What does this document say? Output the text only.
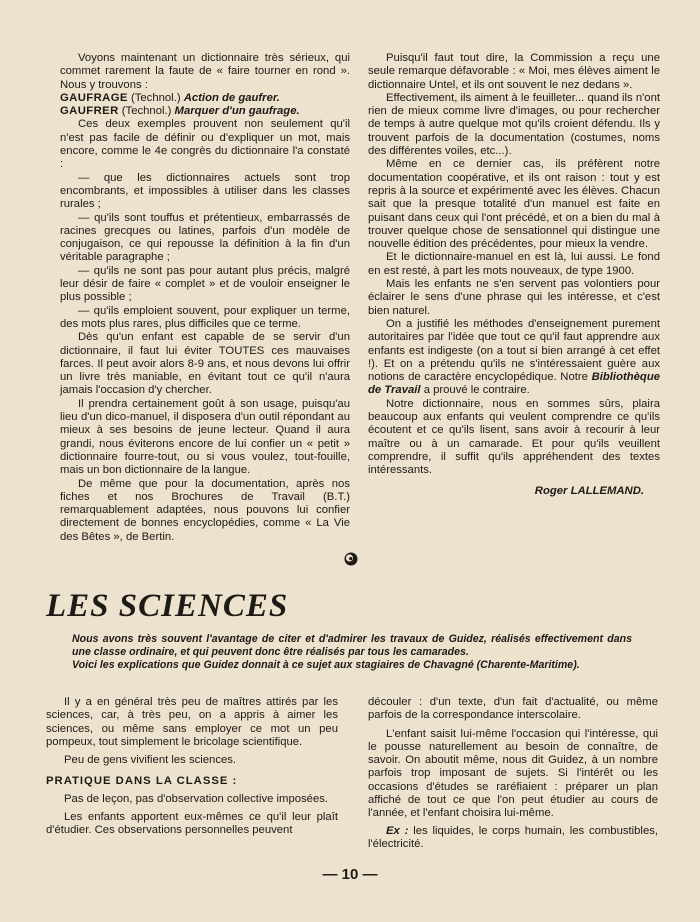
Voyons maintenant un dictionnaire très sérieux, qui commet rarement la faute de « faire tourner en rond ». Nous y trouvons :

GAUFRAGE (Technol.) Action de gaufrer.

GAUFRER (Technol.) Marquer d'un gaufrage.

Ces deux exemples prouvent non seulement qu'il n'est pas facile de définir ou d'expliquer un mot, mais encore, comme le 4e congrès du dictionnaire l'a constaté :

— que les dictionnaires actuels sont trop encombrants, et impossibles à utiliser dans les classes rurales ;

— qu'ils sont touffus et prétentieux, embarrassés de racines grecques ou latines, parfois d'un modèle de conjugaison, ce qui repousse la définition à la fin d'un véritable paragraphe ;

— qu'ils ne sont pas pour autant plus précis, malgré leur désir de faire « complet » et de vouloir enseigner le plus possible ;

— qu'ils emploient souvent, pour expliquer un terme, des mots plus rares, plus difficiles que ce terme.

Dès qu'un enfant est capable de se servir d'un dictionnaire, il faut lui éviter TOUTES ces mauvaises farces. Il peut avoir alors 8-9 ans, et nous devons lui offrir un livre très maniable, en évitant tout ce qu'il n'aura jamais l'occasion d'y chercher.

Il prendra certainement goût à son usage, puisqu'au lieu d'un dico-manuel, il disposera d'un outil répondant au mieux à ses besoins de jeune lecteur. Quand il aura grandi, nous éviterons encore de lui confier un « petit » dictionnaire fourre-tout, ou si vous voulez, tout-fouille, mais un bon dictionnaire de la langue.

De même que pour la documentation, après nos fiches et nos Brochures de Travail (B.T.) remarquablement adaptées, nous pouvons lui confier directement de bonnes encyclopédies, comme « La Vie des Bêtes », de Bertin.

Puisqu'il faut tout dire, la Commission a reçu une seule remarque défavorable : « Moi, mes élèves aiment le dictionnaire Untel, et ils ont souvent le nez dedans ».

Effectivement, ils aiment à le feuilleter... quand ils n'ont rien de mieux comme livre d'images, ou pour rechercher de temps à autre quelque mot qu'ils croient défendu. Ils y trouvent parfois de la documentation (costumes, noms des différentes voiles, etc...).

Même en ce dernier cas, ils préfèrent notre documentation coopérative, et ils ont raison : tout y est repris à la source et expérimenté avec les élèves. Chacun sait que la presque totalité d'un manuel est faite en puisant dans ceux qui l'ont précédé, et on a bien du mal à trouver quelque chose de sensationnel qui distingue une nouvelle édition des précédentes, pour mieux la vendre.

Et le dictionnaire-manuel en est là, lui aussi. Le fond en est resté, à part les mots nouveaux, de type 1900.

Mais les enfants ne s'en servent pas volontiers pour éclairer le sens d'une phrase qui les intéresse, et c'est bien naturel.

On a justifié les méthodes d'enseignement purement autoritaires par l'idée que tout ce qu'il faut apprendre aux enfants est indigeste (on a tout si bien arrangé à cet effet !). Et on a prétendu qu'ils ne s'intéressaient guère aux notions de caractère encyclopédique. Notre Bibliothèque de Travail a prouvé le contraire.

Notre dictionnaire, nous en sommes sûrs, plaira beaucoup aux enfants qui veulent comprendre ce qu'ils écoutent et ce qu'ils lisent, sans avoir à recourir à leur maître ou à un camarade. Et pour qu'ils veuillent comprendre, il suffit qu'ils appréhendent des textes intéressants.

Roger LALLEMAND.

LES SCIENCES

Nous avons très souvent l'avantage de citer et d'admirer les travaux de Guidez, réalisés effectivement dans une classe ordinaire, et qui peuvent donc être réalisés par tous les camarades.

Voici les explications que Guidez donnait à ce sujet aux stagiaires de Chavagné (Charente-Maritime).

Il y a en général très peu de maîtres attirés par les sciences, car, à très peu, on a appris à aimer les sciences, ou même sans employer ce mot un peu pompeux, tout simplement le bricolage scientifique.

Peu de gens vivifient les sciences.

PRATIQUE DANS LA CLASSE :

Pas de leçon, pas d'observation collective imposées.

Les enfants apportent eux-mêmes ce qu'il leur plaît d'étudier. Ces observations personnelles peuvent

découler : d'un texte, d'un fait d'actualité, ou même parfois de la correspondance interscolaire.

L'enfant saisit lui-même l'occasion qui l'intéresse, qui le pousse naturellement au besoin de connaître, de savoir. On aboutit même, nous dit Guidez, à un nombre parfois trop imposant de sujets. Si l'intérêt ou les occasions d'études se raréfiaient : préparer un plan affiché de tout ce que l'on peut étudier au cours de l'année, et l'enfant choisira lui-même.

Ex : les liquides, le corps humain, les combustibles, l'électricité.

— 10 —
